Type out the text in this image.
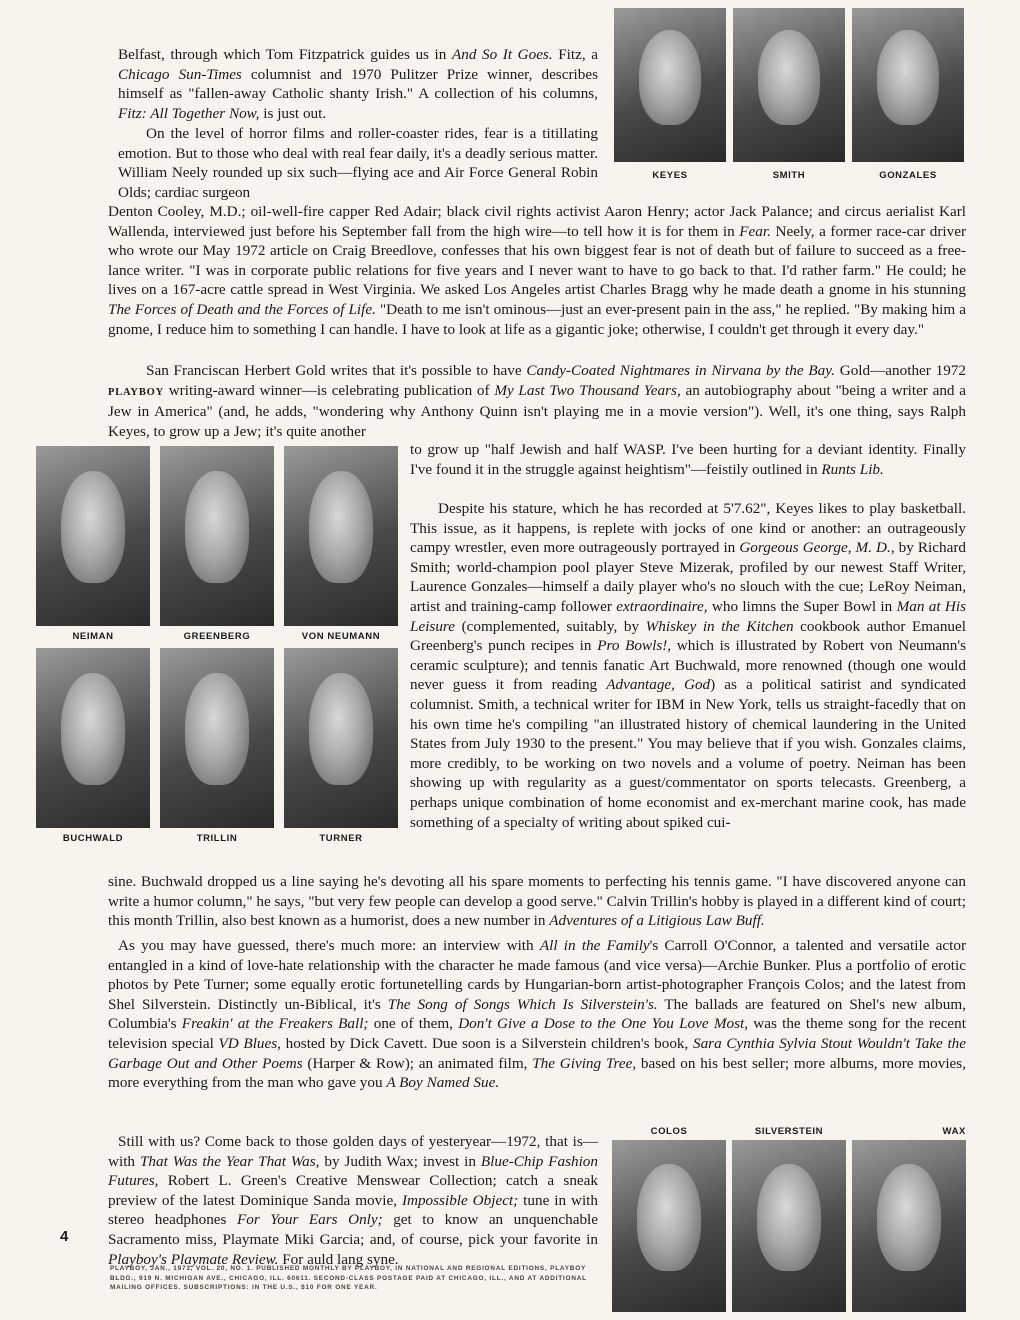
KEYES	SMITH	GONZALES

Belfast, through which Tom Fitzpatrick guides us in And So It Goes. Fitz, a Chicago Sun-Times columnist and 1970 Pulitzer Prize winner, describes himself as "fallen-away Catholic shanty Irish." A collection of his columns, Fitz: All Together Now, is just out.

On the level of horror films and roller-coaster rides, fear is a titillating emotion. But to those who deal with real fear daily, it's a deadly serious matter. William Neely rounded up six such—flying ace and Air Force General Robin Olds; cardiac surgeon

Denton Cooley, M.D.; oil-well-fire capper Red Adair; black civil rights activist Aaron Henry; actor Jack Palance; and circus aerialist Karl Wallenda, interviewed just before his September fall from the high wire—to tell how it is for them in Fear. Neely, a former race-car driver who wrote our May 1972 article on Craig Breedlove, confesses that his own biggest fear is not of death but of failure to succeed as a free-lance writer. "I was in corporate public relations for five years and I never want to have to go back to that. I'd rather farm." He could; he lives on a 167-acre cattle spread in West Virginia. We asked Los Angeles artist Charles Bragg why he made death a gnome in his stunning The Forces of Death and the Forces of Life. "Death to me isn't ominous—just an ever-present pain in the ass," he replied. "By making him a gnome, I reduce him to something I can handle. I have to look at life as a gigantic joke; otherwise, I couldn't get through it every day."

San Franciscan Herbert Gold writes that it's possible to have Candy-Coated Nightmares in Nirvana by the Bay. Gold—another 1972 PLAYBOY writing-award winner—is celebrating publication of My Last Two Thousand Years, an autobiography about "being a writer and a Jew in America" (and, he adds, "wondering why Anthony Quinn isn't playing me in a movie version"). Well, it's one thing, says Ralph Keyes, to grow up a Jew; it's quite another

NEIMAN	GREENBERG	VON NEUMANN
BUCHWALD	TRILLIN	TURNER

to grow up "half Jewish and half WASP. I've been hurting for a deviant identity. Finally I've found it in the struggle against heightism"—feistily outlined in Runts Lib.

Despite his stature, which he has recorded at 5'7.62", Keyes likes to play basketball. This issue, as it happens, is replete with jocks of one kind or another: an outrageously campy wrestler, even more outrageously portrayed in Gorgeous George, M. D., by Richard Smith; world-champion pool player Steve Mizerak, profiled by our newest Staff Writer, Laurence Gonzales—himself a daily player who's no slouch with the cue; LeRoy Neiman, artist and training-camp follower extraordinaire, who limns the Super Bowl in Man at His Leisure (complemented, suitably, by Whiskey in the Kitchen cookbook author Emanuel Greenberg's punch recipes in Pro Bowls!, which is illustrated by Robert von Neumann's ceramic sculpture); and tennis fanatic Art Buchwald, more renowned (though one would never guess it from reading Advantage, God) as a political satirist and syndicated columnist. Smith, a technical writer for IBM in New York, tells us straight-facedly that on his own time he's compiling "an illustrated history of chemical laundering in the United States from July 1930 to the present." You may believe that if you wish. Gonzales claims, more credibly, to be working on two novels and a volume of poetry. Neiman has been showing up with regularity as a guest/commentator on sports telecasts. Greenberg, a perhaps unique combination of home economist and ex-merchant marine cook, has made something of a specialty of writing about spiked cui-

sine. Buchwald dropped us a line saying he's devoting all his spare moments to perfecting his tennis game. "I have discovered anyone can write a humor column," he says, "but very few people can develop a good serve." Calvin Trillin's hobby is played in a different kind of court; this month Trillin, also best known as a humorist, does a new number in Adventures of a Litigious Law Buff.

As you may have guessed, there's much more: an interview with All in the Family's Carroll O'Connor, a talented and versatile actor entangled in a kind of love-hate relationship with the character he made famous (and vice versa)—Archie Bunker. Plus a portfolio of erotic photos by Pete Turner; some equally erotic fortunetelling cards by Hungarian-born artist-photographer François Colos; and the latest from Shel Silverstein. Distinctly un-Biblical, it's The Song of Songs Which Is Silverstein's. The ballads are featured on Shel's new album, Columbia's Freakin' at the Freakers Ball; one of them, Don't Give a Dose to the One You Love Most, was the theme song for the recent television special VD Blues, hosted by Dick Cavett. Due soon is a Silverstein children's book, Sara Cynthia Sylvia Stout Wouldn't Take the Garbage Out and Other Poems (Harper & Row); an animated film, The Giving Tree, based on his best seller; more albums, more movies, more everything from the man who gave you A Boy Named Sue.

Still with us? Come back to those golden days of yesteryear—1972, that is—with That Was the Year That Was, by Judith Wax; invest in Blue-Chip Fashion Futures, Robert L. Green's Creative Menswear Collection; catch a sneak preview of the latest Dominique Sanda movie, Impossible Object; tune in with stereo headphones For Your Ears Only; get to know an unquenchable Sacramento miss, Playmate Miki Garcia; and, of course, pick your favorite in Playboy's Playmate Review. For auld lang syne.

COLOS	SILVERSTEIN	WAX
4
PLAYBOY, JAN., 1973, VOL. 20, NO. 1. PUBLISHED MONTHLY BY PLAYBOY, IN NATIONAL AND REGIONAL EDITIONS, PLAYBOY BLDG., 919 N. MICHIGAN AVE., CHICAGO, ILL. 60611. SECOND-CLASS POSTAGE PAID AT CHICAGO, ILL., AND AT ADDITIONAL MAILING OFFICES. SUBSCRIPTIONS: IN THE U.S., $10 FOR ONE YEAR.
